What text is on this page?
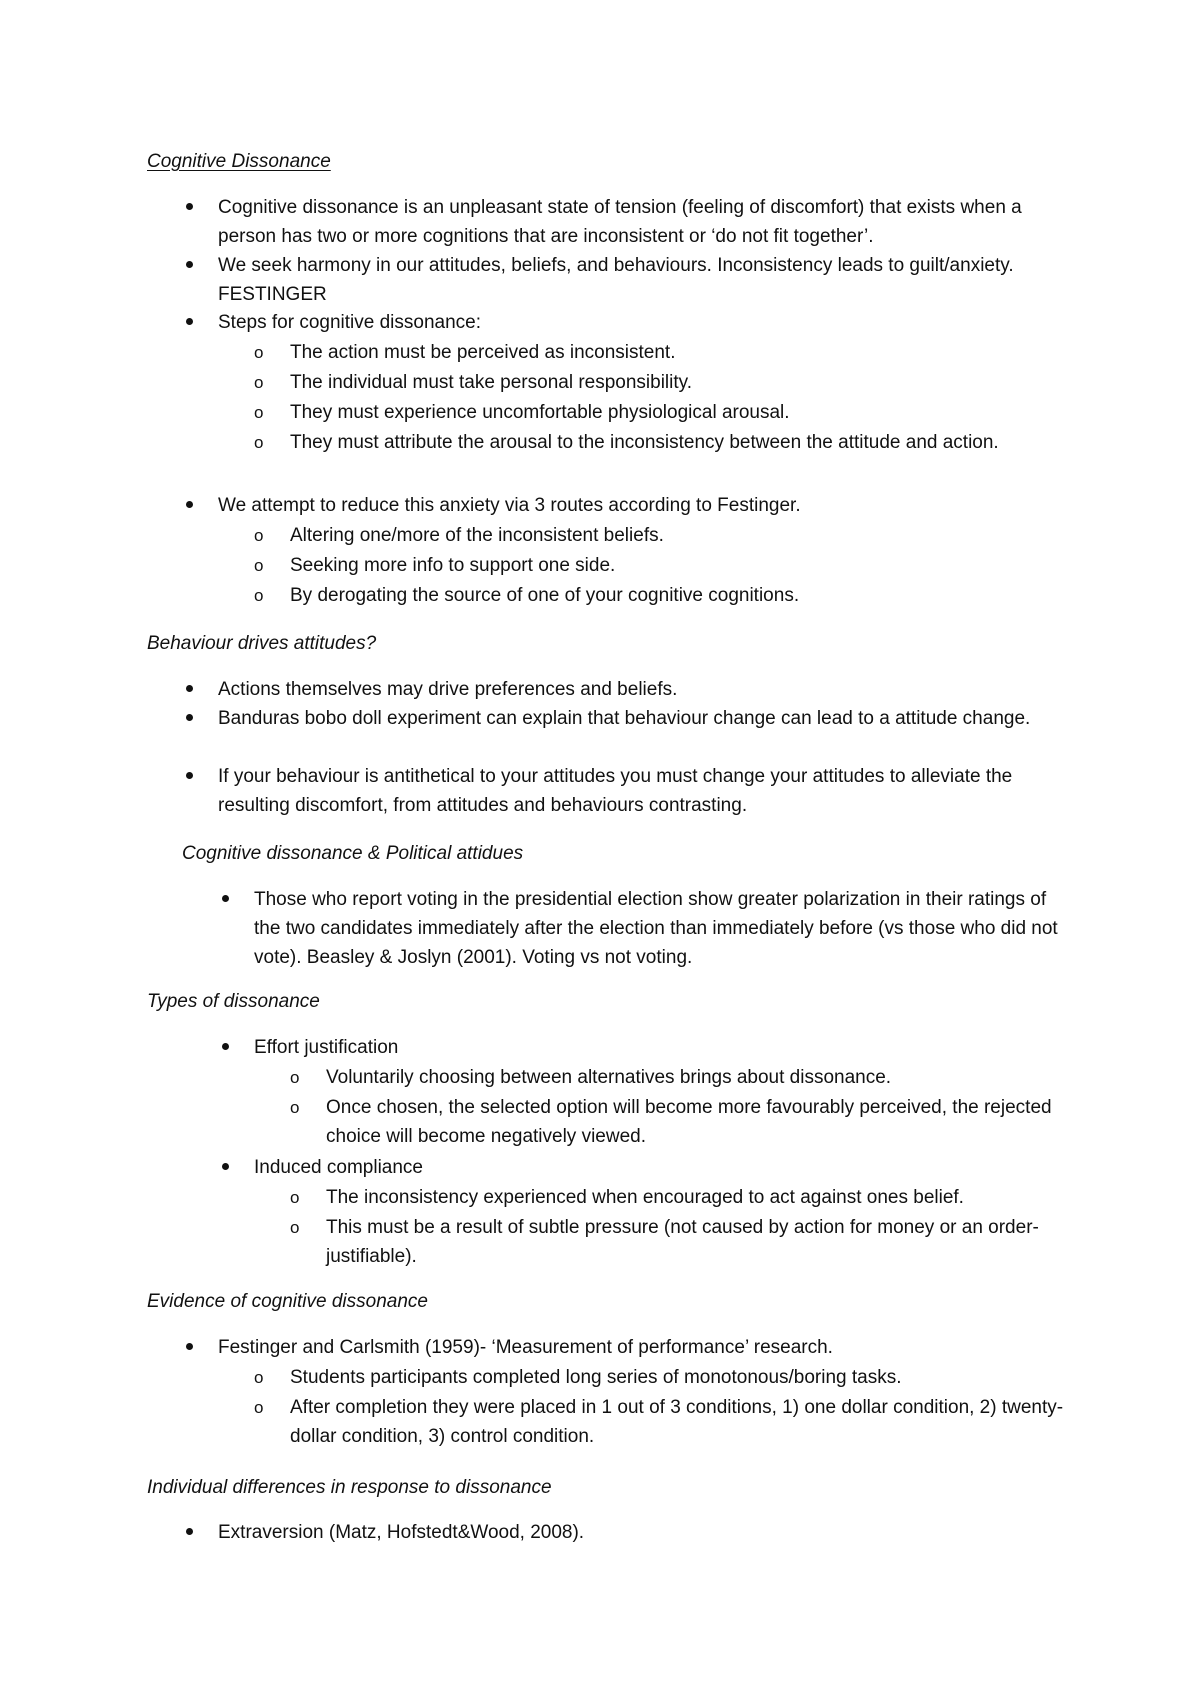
Cognitive Dissonance

Cognitive dissonance is an unpleasant state of tension (feeling of discomfort) that exists when a person has two or more cognitions that are inconsistent or ‘do not fit together’.

We seek harmony in our attitudes, beliefs, and behaviours. Inconsistency leads to guilt/anxiety. FESTINGER

Steps for cognitive dissonance:

o The action must be perceived as inconsistent.

o The individual must take personal responsibility.

o They must experience uncomfortable physiological arousal.

o They must attribute the arousal to the inconsistency between the attitude and action.

We attempt to reduce this anxiety via 3 routes according to Festinger.

o Altering one/more of the inconsistent beliefs.

o Seeking more info to support one side.

o By derogating the source of one of your cognitive cognitions.

Behaviour drives attitudes?

Actions themselves may drive preferences and beliefs.

Banduras bobo doll experiment can explain that behaviour change can lead to a attitude change.

If your behaviour is antithetical to your attitudes you must change your attitudes to alleviate the resulting discomfort, from attitudes and behaviours contrasting.

Cognitive dissonance & Political attidues

Those who report voting in the presidential election show greater polarization in their ratings of the two candidates immediately after the election than immediately before (vs those who did not vote). Beasley & Joslyn (2001). Voting vs not voting.

Types of dissonance

Effort justification

o Voluntarily choosing between alternatives brings about dissonance.

o Once chosen, the selected option will become more favourably perceived, the rejected choice will become negatively viewed.

Induced compliance

o The inconsistency experienced when encouraged to act against ones belief.

o This must be a result of subtle pressure (not caused by action for money or an order-justifiable).

Evidence of cognitive dissonance

Festinger and Carlsmith (1959)- ‘Measurement of performance’ research.

o Students participants completed long series of monotonous/boring tasks.

o After completion they were placed in 1 out of 3 conditions, 1) one dollar condition, 2) twenty-dollar condition, 3) control condition.

Individual differences in response to dissonance

Extraversion (Matz, Hofstedt&Wood, 2008).
